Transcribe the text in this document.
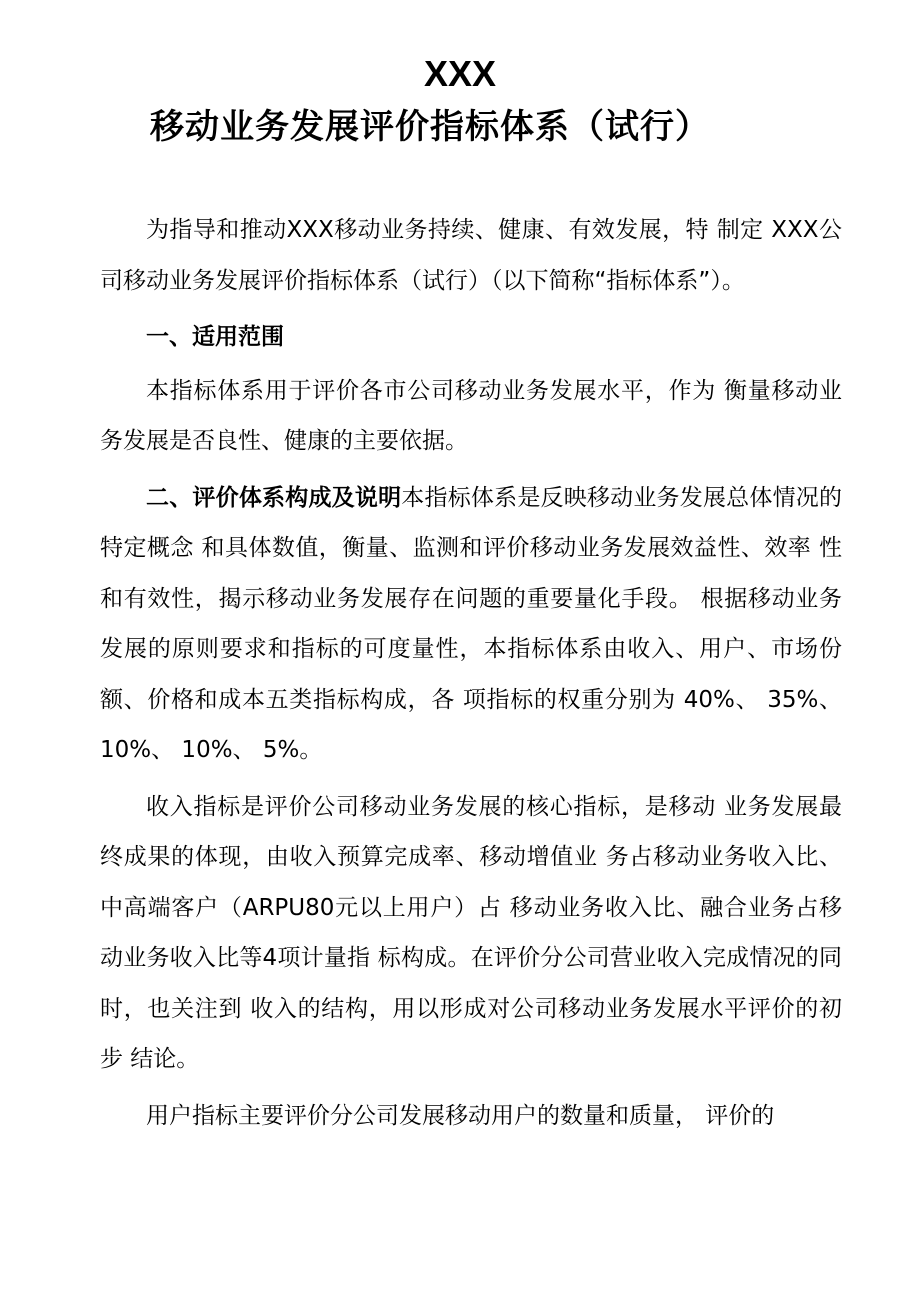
XXX
移动业务发展评价指标体系（试行）

为指导和推动XXX移动业务持续、健康、有效发展，特 制定 XXX公司移动业务发展评价指标体系（试行）（以下简称“指标体系”）。

一、适用范围

本指标体系用于评价各市公司移动业务发展水平，作为 衡量移动业务发展是否良性、健康的主要依据。

二、评价体系构成及说明本指标体系是反映移动业务发展总体情况的特定概念 和具体数值，衡量、监测和评价移动业务发展效益性、效率 性和有效性，揭示移动业务发展存在问题的重要量化手段。 根据移动业务发展的原则要求和指标的可度量性，本指标体系由收入、用户、市场份额、价格和成本五类指标构成，各 项指标的权重分别为 40%、 35%、 10%、 10%、 5%。

收入指标是评价公司移动业务发展的核心指标，是移动 业务发展最终成果的体现，由收入预算完成率、移动增值业 务占移动业务收入比、中高端客户（ARPU80元以上用户）占 移动业务收入比、融合业务占移动业务收入比等4项计量指 标构成。在评价分公司营业收入完成情况的同时，也关注到 收入的结构，用以形成对公司移动业务发展水平评价的初步 结论。

用户指标主要评价分公司发展移动用户的数量和质量， 评价的
